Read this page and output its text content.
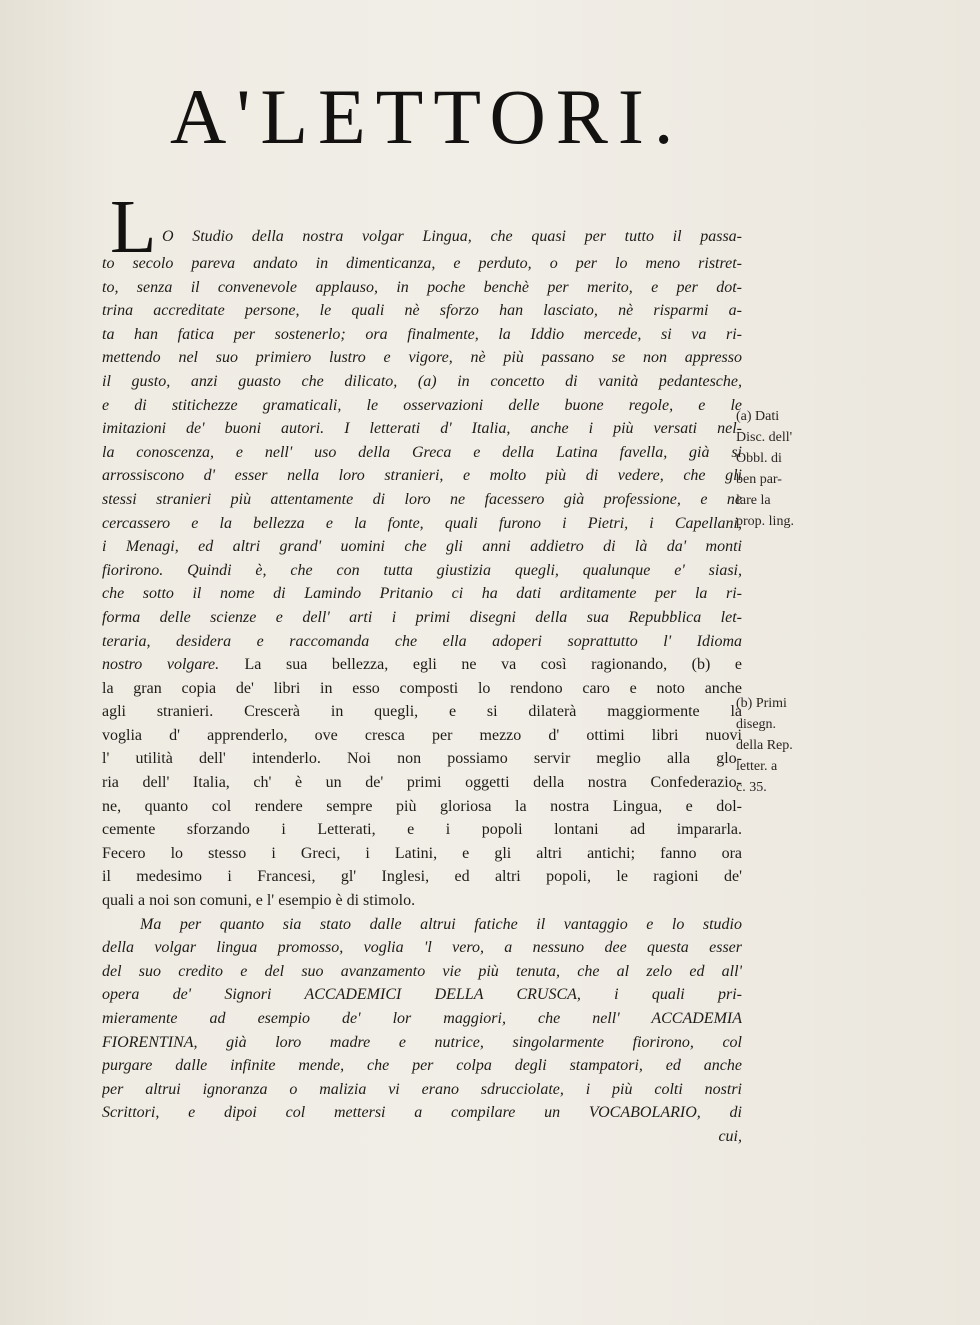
A'LETTORI.
L O Studio della nostra volgar Lingua, che quasi per tutto il passa-
to secolo pareva andato in dimenticanza, e perduto, o per lo meno ristret-
to, senza il convenevole applauso, in poche benchè per merito, e per dot-
trina accreditate persone, le quali nè sforzo han lasciato, nè risparmi a-
ta han fatica per sostenerlo; ora finalmente, la Iddio mercede, si va ri-
mettendo nel suo primiero lustro e vigore, nè più passano se non appresso
il gusto, anzi guasto che dilicato, (a) in concetto di vanità pedantesche,
e di stitichezze gramaticali, le osservazioni delle buone regole, e le
imitazioni de' buoni autori. I letterati d' Italia, anche i più versati nel-
la conoscenza, e nell' uso della Greca e della Latina favella, già si
arrossiscono d' esser nella loro stranieri, e molto più di vedere, che gli
stessi stranieri più attentamente di loro ne facessero già professione, e ne
cercassero e la bellezza e la fonte, quali furono i Pietri, i Capellani,
i Menagi, ed altri grand' uomini che gli anni addietro di là da' monti
fiorirono. Quindi è, che con tutta giustizia quegli, qualunque e' siasi,
che sotto il nome di Lamindo Pritanio ci ha dati arditamente per la ri-
forma delle scienze e dell' arti i primi disegni della sua Repubblica let-
teraria, desidera e raccomanda che ella adoperi soprattutto l' Idioma
nostro volgare. La sua bellezza, egli ne va così ragionando, (b) e
la gran copia de' libri in esso composti lo rendono caro e noto anche
agli stranieri. Crescerà in quegli, e si dilaterà maggiormente la
voglia d' apprenderlo, ove cresca per mezzo d' ottimi libri nuovi
l' utilità dell' intenderlo. Noi non possiamo servir meglio alla glo-
ria dell' Italia, ch' è un de' primi oggetti della nostra Confederazio-
ne, quanto col rendere sempre più gloriosa la nostra Lingua, e dol-
cemente sforzando i Letterati, e i popoli lontani ad impararla.
Fecero lo stesso i Greci, i Latini, e gli altri antichi; fanno ora
il medesimo i Francesi, gl' Inglesi, ed altri popoli, le ragioni de'
quali a noi son comuni, e l' esempio è di stimolo.
Ma per quanto sia stato dalle altrui fatiche il vantaggio e lo studio
della volgar lingua promosso, voglia 'l vero, a nessuno dee questa esser
del suo credito e del suo avanzamento vie più tenuta, che al zelo ed all'
opera de' Signori ACCADEMICI DELLA CRUSCA, i quali pri-
mieramente ad esempio de' lor maggiori, che nell' ACCADEMIA
FIORENTINA, già loro madre e nutrice, singolarmente fiorirono, col
purgare dalle infinite mende, che per colpa degli stampatori, ed anche
per altrui ignoranza o malizia vi erano sdrucciolate, i più colti nostri
Scrittori, e dipoi col mettersi a compilare un VOCABOLARIO, di
cui,
(a) Dati
Disc. dell'
Obbl. di
ben par-
lare la
prop. ling.
(b) Primi
disegn.
della Rep.
letter. a
c. 35.
